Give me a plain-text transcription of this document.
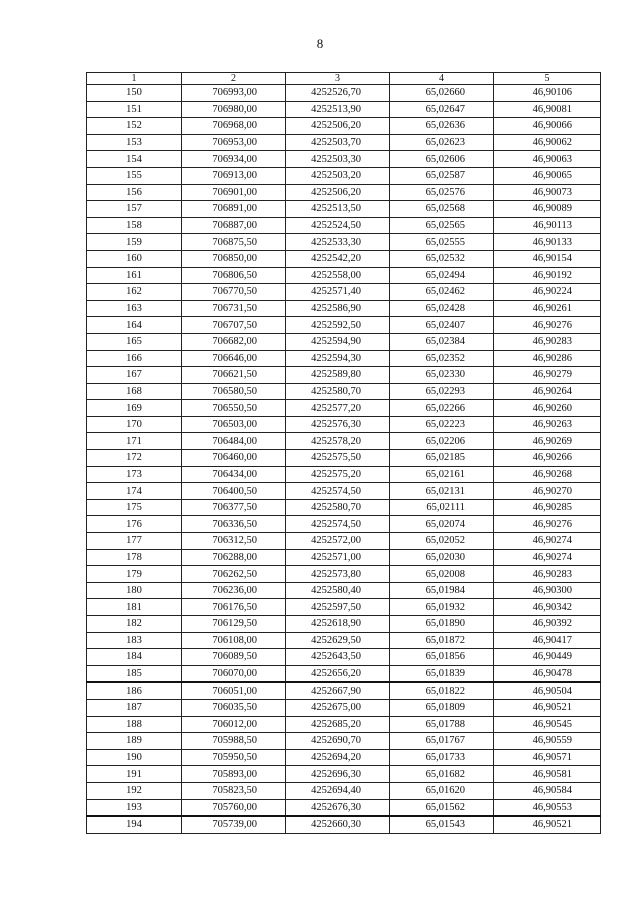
8
1	2	3	4	5
150	706993,00	4252526,70	65,02660	46,90106
151	706980,00	4252513,90	65,02647	46,90081
152	706968,00	4252506,20	65,02636	46,90066
153	706953,00	4252503,70	65,02623	46,90062
154	706934,00	4252503,30	65,02606	46,90063
155	706913,00	4252503,20	65,02587	46,90065
156	706901,00	4252506,20	65,02576	46,90073
157	706891,00	4252513,50	65,02568	46,90089
158	706887,00	4252524,50	65,02565	46,90113
159	706875,50	4252533,30	65,02555	46,90133
160	706850,00	4252542,20	65,02532	46,90154
161	706806,50	4252558,00	65,02494	46,90192
162	706770,50	4252571,40	65,02462	46,90224
163	706731,50	4252586,90	65,02428	46,90261
164	706707,50	4252592,50	65,02407	46,90276
165	706682,00	4252594,90	65,02384	46,90283
166	706646,00	4252594,30	65,02352	46,90286
167	706621,50	4252589,80	65,02330	46,90279
168	706580,50	4252580,70	65,02293	46,90264
169	706550,50	4252577,20	65,02266	46,90260
170	706503,00	4252576,30	65,02223	46,90263
171	706484,00	4252578,20	65,02206	46,90269
172	706460,00	4252575,50	65,02185	46,90266
173	706434,00	4252575,20	65,02161	46,90268
174	706400,50	4252574,50	65,02131	46,90270
175	706377,50	4252580,70	65,02111	46,90285
176	706336,50	4252574,50	65,02074	46,90276
177	706312,50	4252572,00	65,02052	46,90274
178	706288,00	4252571,00	65,02030	46,90274
179	706262,50	4252573,80	65,02008	46,90283
180	706236,00	4252580,40	65,01984	46,90300
181	706176,50	4252597,50	65,01932	46,90342
182	706129,50	4252618,90	65,01890	46,90392
183	706108,00	4252629,50	65,01872	46,90417
184	706089,50	4252643,50	65,01856	46,90449
185	706070,00	4252656,20	65,01839	46,90478
186	706051,00	4252667,90	65,01822	46,90504
187	706035,50	4252675,00	65,01809	46,90521
188	706012,00	4252685,20	65,01788	46,90545
189	705988,50	4252690,70	65,01767	46,90559
190	705950,50	4252694,20	65,01733	46,90571
191	705893,00	4252696,30	65,01682	46,90581
192	705823,50	4252694,40	65,01620	46,90584
193	705760,00	4252676,30	65,01562	46,90553
194	705739,00	4252660,30	65,01543	46,90521
